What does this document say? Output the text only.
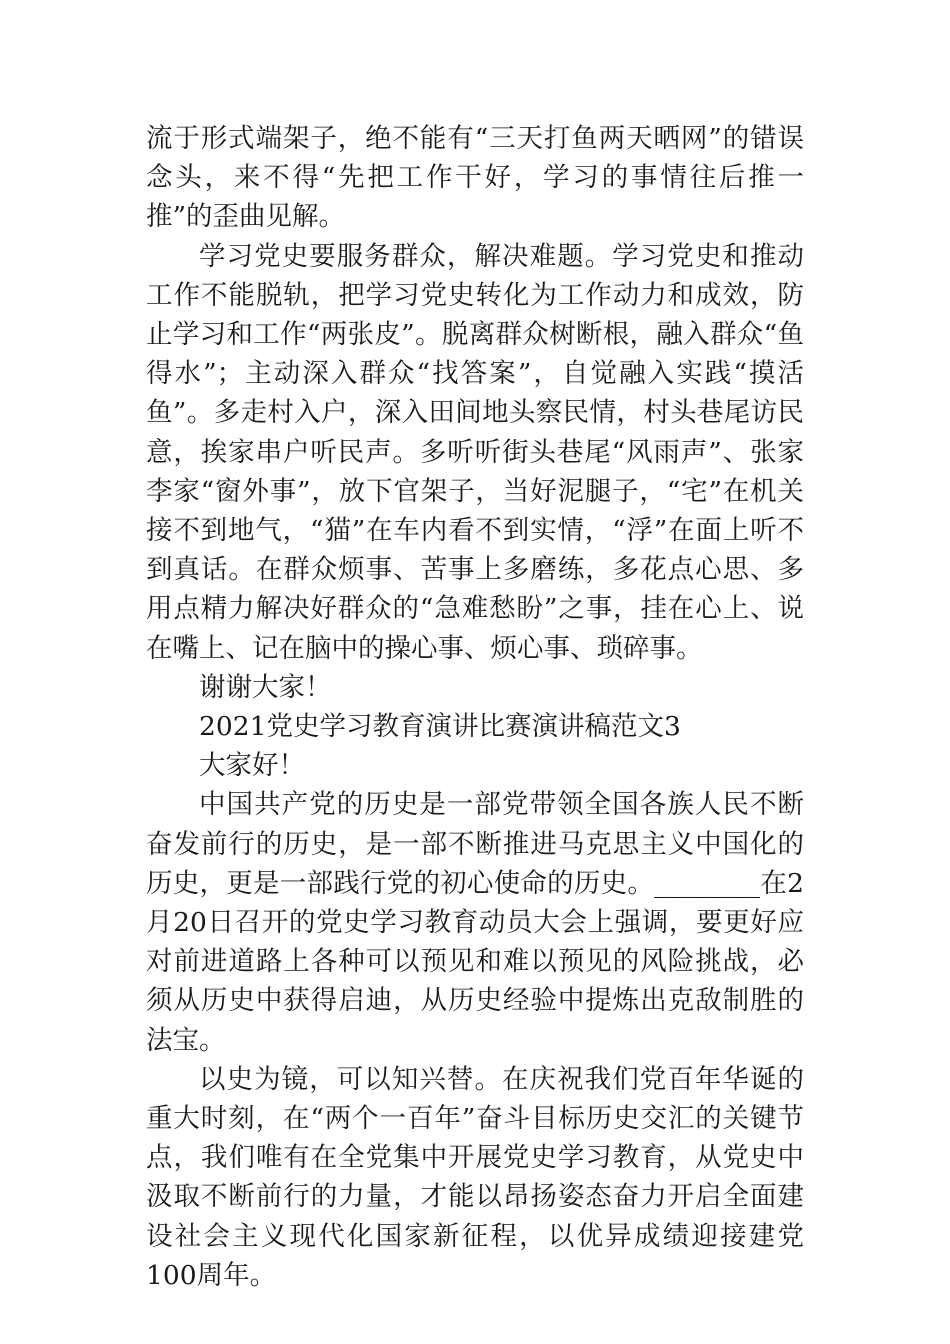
流于形式端架子，绝不能有“三天打鱼两天晒网”的错误念头，来不得“先把工作干好，学习的事情往后推一推”的歪曲见解。

学习党史要服务群众，解决难题。学习党史和推动工作不能脱轨，把学习党史转化为工作动力和成效，防止学习和工作“两张皮”。脱离群众树断根，融入群众“鱼得水”；主动深入群众“找答案”，自觉融入实践“摸活鱼”。多走村入户，深入田间地头察民情，村头巷尾访民意，挨家串户听民声。多听听街头巷尾“风雨声”、张家李家“窗外事”，放下官架子，当好泥腿子，“宅”在机关接不到地气，“猫”在车内看不到实情，“浮”在面上听不到真话。在群众烦事、苦事上多磨练，多花点心思、多用点精力解决好群众的“急难愁盼”之事，挂在心上、说在嘴上、记在脑中的操心事、烦心事、琐碎事。

谢谢大家！

2021党史学习教育演讲比赛演讲稿范文3

大家好！

中国共产党的历史是一部党带领全国各族人民不断奋发前行的历史，是一部不断推进马克思主义中国化的历史，更是一部践行党的初心使命的历史。________在2月20日召开的党史学习教育动员大会上强调，要更好应对前进道路上各种可以预见和难以预见的风险挑战，必须从历史中获得启迪，从历史经验中提炼出克敌制胜的法宝。

以史为镜，可以知兴替。在庆祝我们党百年华诞的重大时刻，在“两个一百年”奋斗目标历史交汇的关键节点，我们唯有在全党集中开展党史学习教育，从党史中汲取不断前行的力量，才能以昂扬姿态奋力开启全面建设社会主义现代化国家新征程，以优异成绩迎接建党100周年。
